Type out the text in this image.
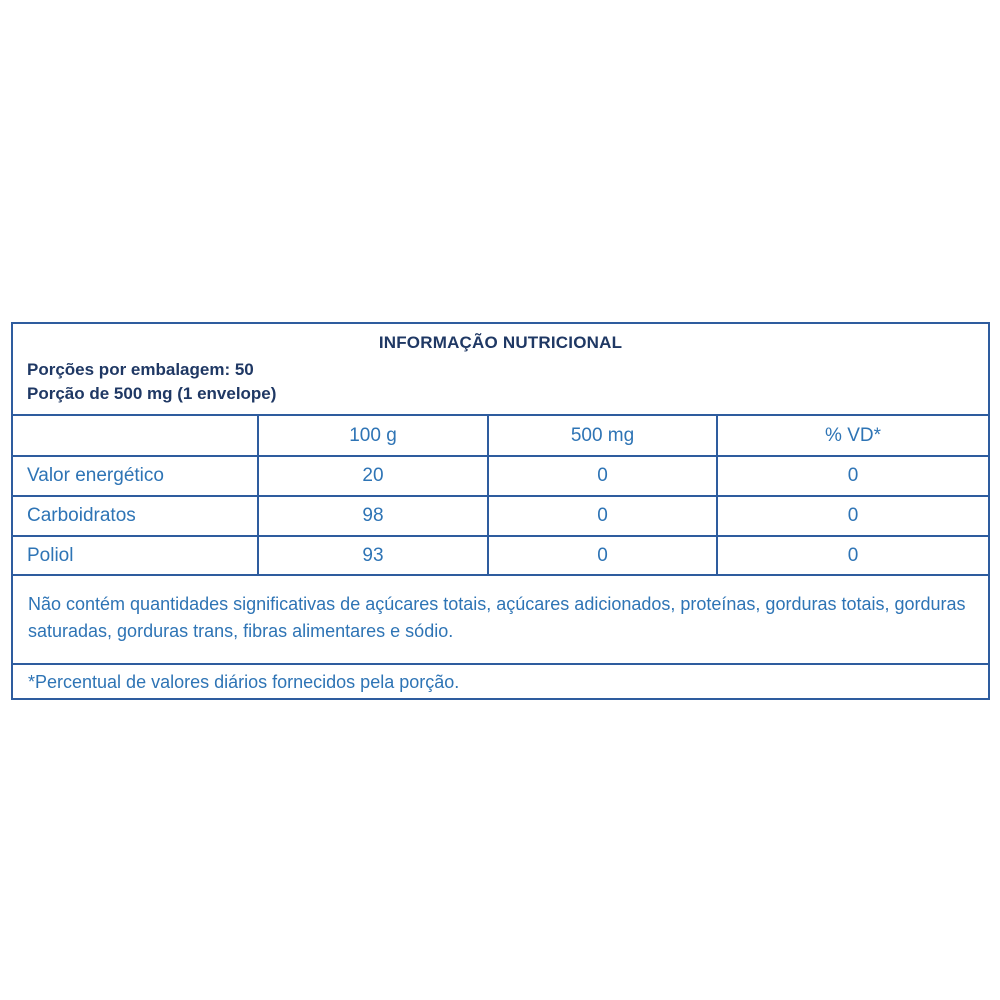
INFORMAÇÃO NUTRICIONAL
Porções por embalagem: 50
Porção de 500 mg (1 envelope)
100 g	500 mg	% VD*
Valor energético	20	0	0
Carboidratos	98	0	0
Poliol	93	0	0
Não contém quantidades significativas de açúcares totais, açúcares adicionados, proteínas, gorduras totais, gorduras saturadas, gorduras trans, fibras alimentares e sódio.
*Percentual de valores diários fornecidos pela porção.
